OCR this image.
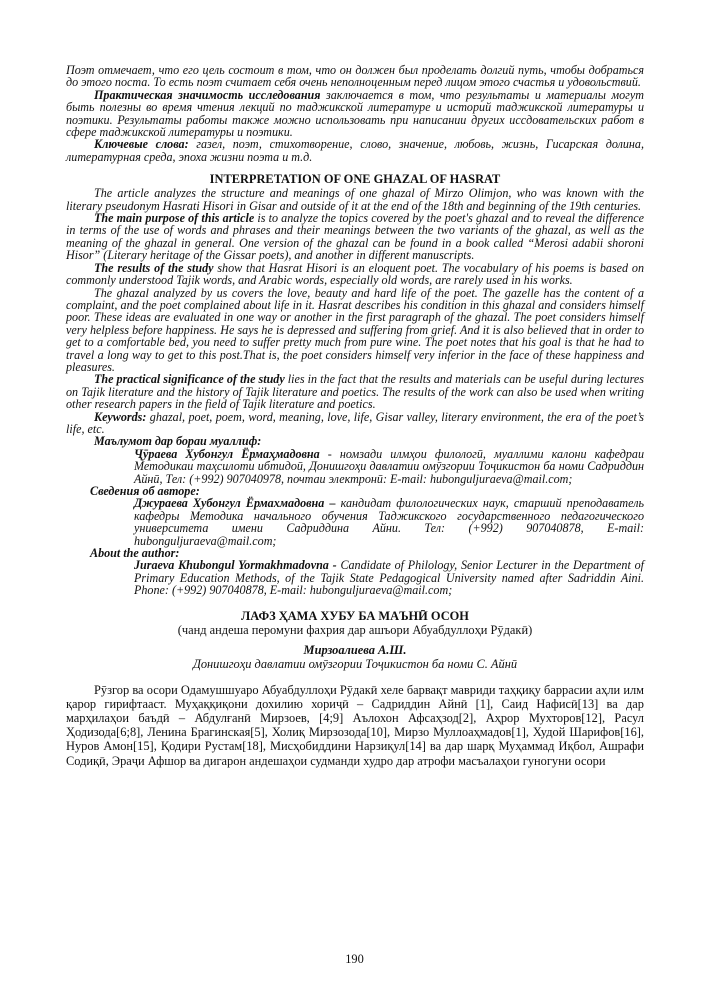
Поэт отмечает, что его цель состоит в том, что он должен был проделать долгий путь, чтобы добраться до этого поста. То есть поэт считает себя очень неполноценным перед лицом этого счастья и удовольствий.

Практическая значимость исследования заключается в том, что результаты и материалы могут быть полезны во время чтения лекций по таджикской литературе и историй таджикской литературы и поэтики. Результаты работы также можно использовать при написании других иссдовательских работ в сфере таджикской литературы и поэтики.

Ключевые слова: газел, поэт, стихотворение, слово, значение, любовь, жизнь, Гисарская долина, литературная среда, эпоха жизни поэта и т.д.

INTERPRETATION OF ONE GHAZAL OF HASRAT

The article analyzes the structure and meanings of one ghazal of Mirzo Olimjon, who was known with the literary pseudonym Hasrati Hisori in Gisar and outside of it at the end of the 18th and beginning of the 19th centuries.

The main purpose of this article is to analyze the topics covered by the poet's ghazal and to reveal the difference in terms of the use of words and phrases and their meanings between the two variants of the ghazal, as well as the meaning of the ghazal in general. One version of the ghazal can be found in a book called “Merosi adabii shoroni Hisor” (Literary heritage of the Gissar poets), and another in different manuscripts.

The results of the study show that Hasrat Hisori is an eloquent poet. The vocabulary of his poems is based on commonly understood Tajik words, and Arabic words, especially old words, are rarely used in his works.

The ghazal analyzed by us covers the love, beauty and hard life of the poet. The gazelle has the content of a complaint, and the poet complained about life in it. Hasrat describes his condition in this ghazal and considers himself poor. These ideas are evaluated in one way or another in the first paragraph of the ghazal. The poet considers himself very helpless before happiness. He says he is depressed and suffering from grief. And it is also believed that in order to get to a comfortable bed, you need to suffer pretty much from pure wine. The poet notes that his goal is that he had to travel a long way to get to this post.That is, the poet considers himself very inferior in the face of these happiness and pleasures.

The practical significance of the study lies in the fact that the results and materials can be useful during lectures on Tajik literature and the history of Tajik literature and poetics. The results of the work can also be used when writing other research papers in the field of Tajik literature and poetics.

Keywords: ghazal, poet, poem, word, meaning, love, life, Gisar valley, literary environment, the era of the poet’s life, etc.

Маълумот дар бораи муаллиф:

Ҷӯраева Хубонгул Ёрмаҳмадовна - номзади илмҳои филологӣ, муаллими калони кафедраи Методикаи таҳсилоти ибтидоӣ, Донишгоҳи давлатии омӯзгории Тоҷикистон ба номи Садриддин Айнӣ, Тел: (+992) 907040978, почтаи электронӣ: E-mail: hubonguljuraeva@mail.com;

Сведения об авторе:

Джураева Хубонгул Ёрмахмадовна – кандидат филологических наук, старший преподаватель кафедры Методика начального обучения Таджикского государственного педагогического университета имени Садриддина Айни. Тел: (+992) 907040878, E-mail: hubonguljuraeva@mail.com;

About the author:

Juraeva Khubongul Yormakhmadovna - Candidate of Philology, Senior Lecturer in the Department of Primary Education Methods, of the Tajik State Pedagogical University named after Sadriddin Aini. Phone: (+992) 907040878, E-mail: hubonguljuraeva@mail.com;

ЛАФЗ ҲАМА ХУБУ БА МАЪНӢ ОСОН
(чанд андеша перомуни фахрия дар ашъори Абуабдуллоҳи Рӯдакӣ)
Мирзоалиева А.Ш.
Донишгоҳи давлатии омӯзгории Тоҷикистон ба номи С. Айнӣ

Рӯзгор ва осори Одамушшуаро Абуабдуллоҳи Рӯдакӣ хеле барвақт мавриди таҳқиқу баррасии аҳли илм қарор гирифтааст. Муҳаққиқони дохилию хориҷӣ – Садриддин Айнӣ [1], Саид Нафисӣ[13] ва дар марҳилаҳои баъдӣ – Абдулғанӣ Мирзоев, [4;9] Аълохон Афсаҳзод[2], Аҳрор Мухторов[12], Расул Ҳодизода[6;8], Ленина Брагинская[5], Холиқ Мирзозода[10], Мирзо Муллоаҳмадов[1], Худой Шарифов[16], Нуров Амон[15], Қодири Рустам[18], Мисҳобиддини Нарзиқул[14] ва дар шарқ Муҳаммад Иқбол, Ашрафи Содиқӣ, Эраҷи Афшор ва дигарон андешаҳои судманди худро дар атрофи масъалаҳои гуногуни осори

190
